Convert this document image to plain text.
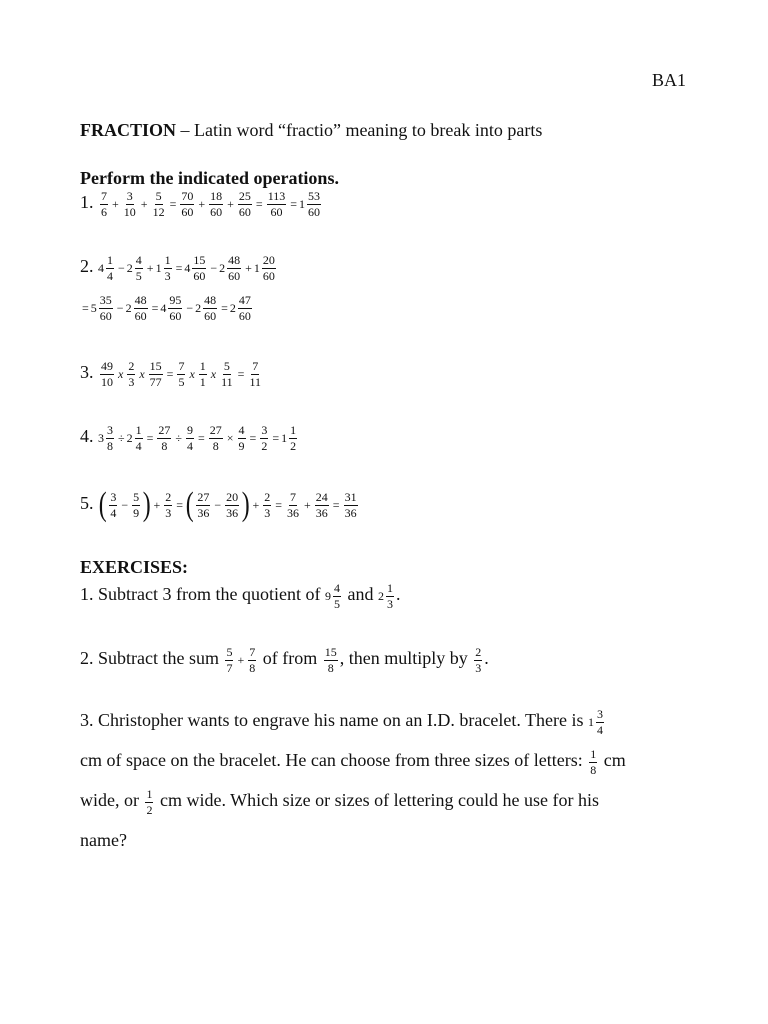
BA1
FRACTION – Latin word “fractio” meaning to break into parts
Perform the indicated operations.
1. $\frac{7}{6} + \frac{3}{10} + \frac{5}{12} = \frac{70}{60} + \frac{18}{60} + \frac{25}{60} = \frac{113}{60} = 1 \frac{53}{60}$
2. $4 \frac{1}{4} - 2 \frac{4}{5} + 1 \frac{1}{3} = 4 \frac{15}{60} - 2 \frac{48}{60} + 1 \frac{20}{60}$
= $5 \frac{35}{60} - 2 \frac{48}{60} = 4 \frac{95}{60} - 2 \frac{48}{60} = 2 \frac{47}{60}$
3. $\frac{49}{10}$ x $\frac{2}{3}$ x $\frac{15}{77} = \frac{7}{5}$ x $\frac{1}{1}$ x $\frac{5}{11} = \frac{7}{11}$
4. $3 \frac{3}{8} \div 2 \frac{1}{4} = \frac{27}{8} \div \frac{9}{4} = \frac{27}{8} \times \frac{4}{9} = \frac{3}{2} = 1 \frac{1}{2}$
5. ( $\frac{3}{4} - \frac{5}{9}$ ) + $\frac{2}{3}$ = ( $\frac{27}{36} - \frac{20}{36}$ ) + $\frac{2}{3} = \frac{7}{36} + \frac{24}{36} = \frac{31}{36}$
EXERCISES:
1. Subtract 3 from the quotient of $9 \frac{4}{5}$ and $2 \frac{1}{3}$ .
2. Subtract the sum $\frac{5}{7} + \frac{7}{8}$ of from $\frac{15}{8}$ , then multiply by $\frac{2}{3}$ .
3. Christopher wants to engrave his name on an I.D. bracelet. There is $1 \frac{3}{4}$
cm of space on the bracelet. He can choose from three sizes of letters: $\frac{1}{8}$ cm
wide, or $\frac{1}{2}$ cm wide. Which size or sizes of lettering could he use for his
name?
